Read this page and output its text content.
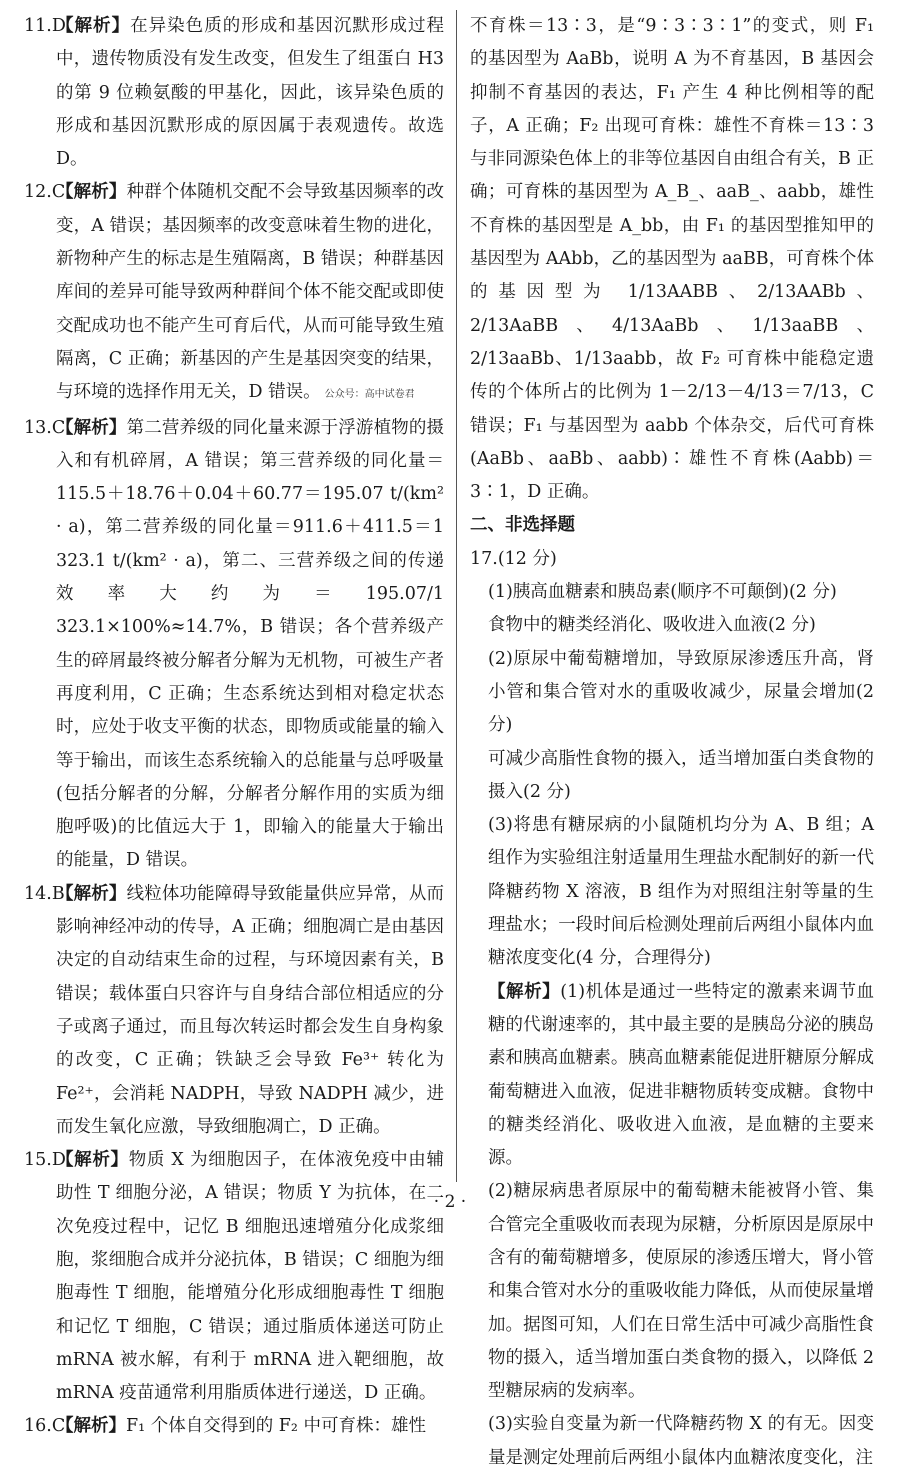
11.D
【解析】在异染色质的形成和基因沉默形成过程中，遗传物质没有发生改变，但发生了组蛋白 H3 的第 9 位赖氨酸的甲基化，因此，该异染色质的形成和基因沉默形成的原因属于表观遗传。故选 D。
12.C
【解析】种群个体随机交配不会导致基因频率的改变，A 错误；基因频率的改变意味着生物的进化，新物种产生的标志是生殖隔离，B 错误；种群基因库间的差异可能导致两种群间个体不能交配或即使交配成功也不能产生可育后代，从而可能导致生殖隔离，C 正确；新基因的产生是基因突变的结果，与环境的选择作用无关，D 错误。 公众号：高中试卷君
13.C
【解析】第二营养级的同化量来源于浮游植物的摄入和有机碎屑，A 错误；第三营养级的同化量＝115.5＋18.76＋0.04＋60.77＝195.07 t/(km² · a)，第二营养级的同化量＝911.6＋411.5＝1 323.1 t/(km² · a)，第二、三营养级之间的传递效率大约为＝195.07/1 323.1×100%≈14.7%，B 错误；各个营养级产生的碎屑最终被分解者分解为无机物，可被生产者再度利用，C 正确；生态系统达到相对稳定状态时，应处于收支平衡的状态，即物质或能量的输入等于输出，而该生态系统输入的总能量与总呼吸量(包括分解者的分解，分解者分解作用的实质为细胞呼吸)的比值远大于 1，即输入的能量大于输出的能量，D 错误。
14.B
【解析】线粒体功能障碍导致能量供应异常，从而影响神经冲动的传导，A 正确；细胞凋亡是由基因决定的自动结束生命的过程，与环境因素有关，B 错误；载体蛋白只容许与自身结合部位相适应的分子或离子通过，而且每次转运时都会发生自身构象的改变，C 正确；铁缺乏会导致 Fe³⁺ 转化为 Fe²⁺，会消耗 NADPH，导致 NADPH 减少，进而发生氧化应激，导致细胞凋亡，D 正确。
15.D
【解析】物质 X 为细胞因子，在体液免疫中由辅助性 T 细胞分泌，A 错误；物质 Y 为抗体，在二次免疫过程中，记忆 B 细胞迅速增殖分化成浆细胞，浆细胞合成并分泌抗体，B 错误；C 细胞为细胞毒性 T 细胞，能增殖分化形成细胞毒性 T 细胞和记忆 T 细胞，C 错误；通过脂质体递送可防止 mRNA 被水解，有利于 mRNA 进入靶细胞，故 mRNA 疫苗通常利用脂质体进行递送，D 正确。
16.C
【解析】F₁ 个体自交得到的 F₂ 中可育株：雄性
不育株＝13∶3，是“9∶3∶3∶1”的变式，则 F₁ 的基因型为 AaBb，说明 A 为不育基因，B 基因会抑制不育基因的表达，F₁ 产生 4 种比例相等的配子，A 正确；F₂ 出现可育株：雄性不育株＝13∶3与非同源染色体上的非等位基因自由组合有关，B 正确；可育株的基因型为 A_B_、aaB_、aabb，雄性不育株的基因型是 A_bb，由 F₁ 的基因型推知甲的基因型为 AAbb，乙的基因型为 aaBB，可育株个体的基因型为 1/13AABB、2/13AABb、2/13AaBB、4/13AaBb、1/13aaBB、2/13aaBb、1/13aabb，故 F₂ 可育株中能稳定遗传的个体所占的比例为 1－2/13－4/13＝7/13，C 错误；F₁ 与基因型为 aabb 个体杂交，后代可育株(AaBb、aaBb、aabb)∶雄性不育株(Aabb)＝3∶1，D 正确。
二、非选择题
17.(12 分)
(1)胰高血糖素和胰岛素(顺序不可颠倒)(2 分)
食物中的糖类经消化、吸收进入血液(2 分)
(2)原尿中葡萄糖增加，导致原尿渗透压升高，肾小管和集合管对水的重吸收减少，尿量会增加(2 分)
可减少高脂性食物的摄入，适当增加蛋白类食物的摄入(2 分)
(3)将患有糖尿病的小鼠随机均分为 A、B 组；A 组作为实验组注射适量用生理盐水配制好的新一代降糖药物 X 溶液，B 组作为对照组注射等量的生理盐水；一段时间后检测处理前后两组小鼠体内血糖浓度变化(4 分，合理得分)
【解析】(1)机体是通过一些特定的激素来调节血糖的代谢速率的，其中最主要的是胰岛分泌的胰岛素和胰高血糖素。胰高血糖素能促进肝糖原分解成葡萄糖进入血液，促进非糖物质转变成糖。食物中的糖类经消化、吸收进入血液，是血糖的主要来源。
(2)糖尿病患者原尿中的葡萄糖未能被肾小管、集合管完全重吸收而表现为尿糖，分析原因是原尿中含有的葡萄糖增多，使原尿的渗透压增大，肾小管和集合管对水分的重吸收能力降低，从而使尿量增加。据图可知，人们在日常生活中可减少高脂性食物的摄入，适当增加蛋白类食物的摄入，以降低 2 型糖尿病的发病率。
(3)实验自变量为新一代降糖药物 X 的有无。因变量是测定处理前后两组小鼠体内血糖浓度变化，注
· 2 ·
